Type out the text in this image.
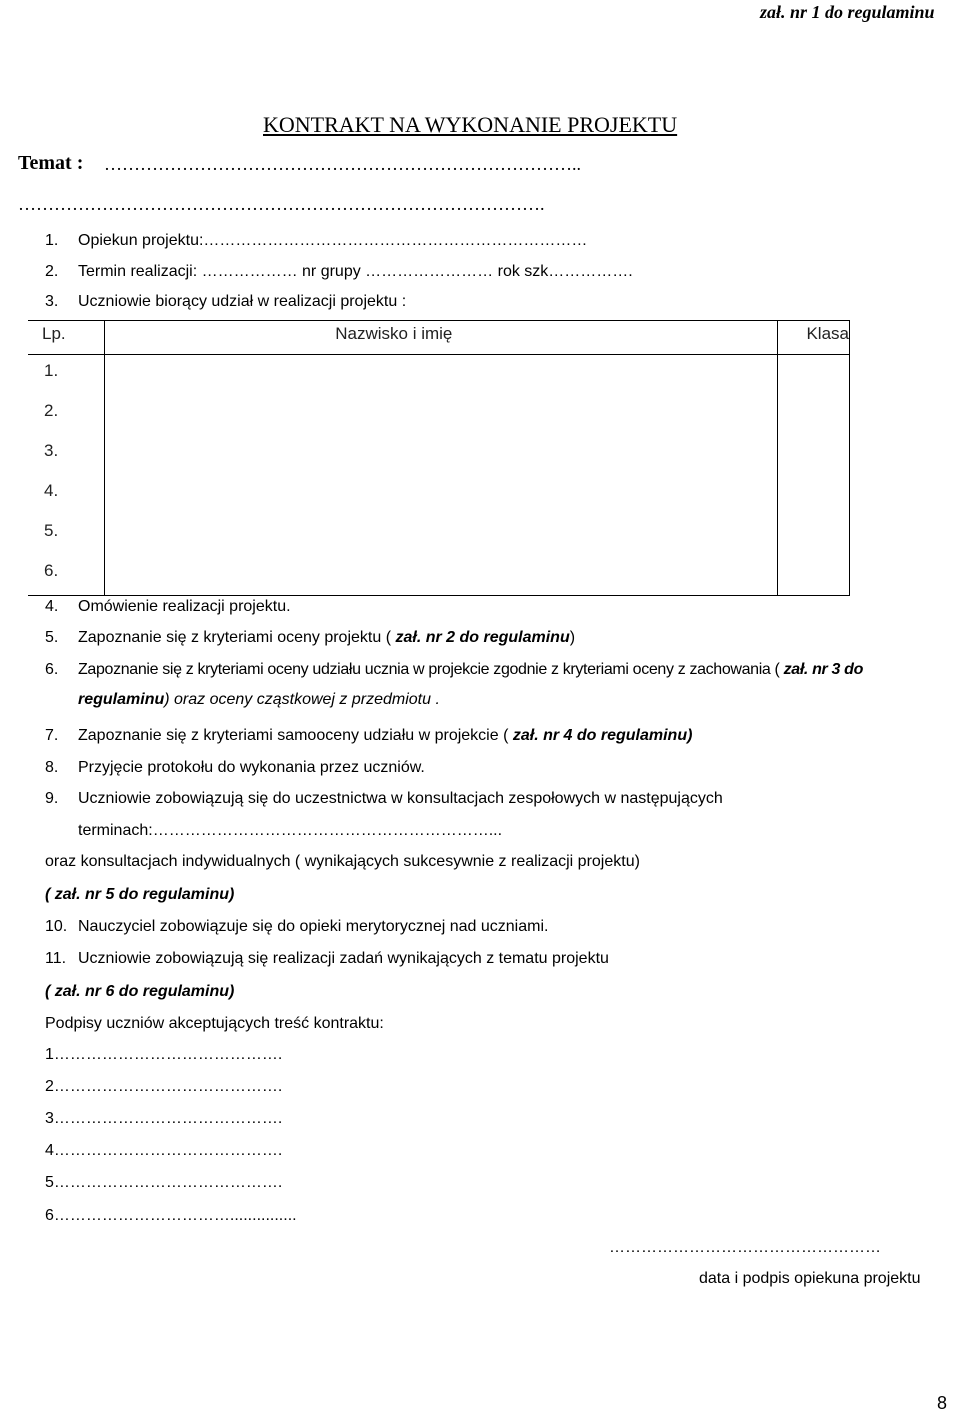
zał. nr 1 do regulaminu
KONTRAKT NA WYKONANIE PROJEKTU
Temat : ……………………………………………………………………..
…………………………………………………………………………….
1. Opiekun projektu:………………………………………………………………
2. Termin realizacji: ……………… nr grupy …………………… rok szk…………….
3. Uczniowie biorący udział w realizacji projektu :
Lp.	Nazwisko i imię	Klasa
1.		
2.		
3.		
4.		
5.		
6.		
4. Omówienie realizacji projektu.
5. Zapoznanie się z kryteriami oceny projektu ( zał. nr 2 do regulaminu)
6. Zapoznanie się z kryteriami oceny udziału ucznia w projekcie zgodnie z kryteriami oceny z zachowania ( zał. nr 3 do
regulaminu) oraz oceny cząstkowej z przedmiotu .
7. Zapoznanie się z kryteriami samooceny udziału w projekcie ( zał. nr 4 do regulaminu)
8. Przyjęcie protokołu do wykonania przez uczniów.
9. Uczniowie zobowiązują się do uczestnictwa w konsultacjach zespołowych w następujących
terminach:………………………………………………………...
oraz konsultacjach indywidualnych ( wynikających sukcesywnie z realizacji projektu)
( zał. nr 5 do regulaminu)
10. Nauczyciel zobowiązuje się do opieki merytorycznej nad uczniami.
11. Uczniowie zobowiązują się realizacji zadań wynikających z tematu projektu
( zał. nr 6 do regulaminu)
Podpisy uczniów akceptujących treść kontraktu:
1…………………………………….
2…………………………………….
3…………………………………….
4…………………………………….
5…………………………………….
6……………………………...............
……………………………………………
data i podpis opiekuna projektu
8
